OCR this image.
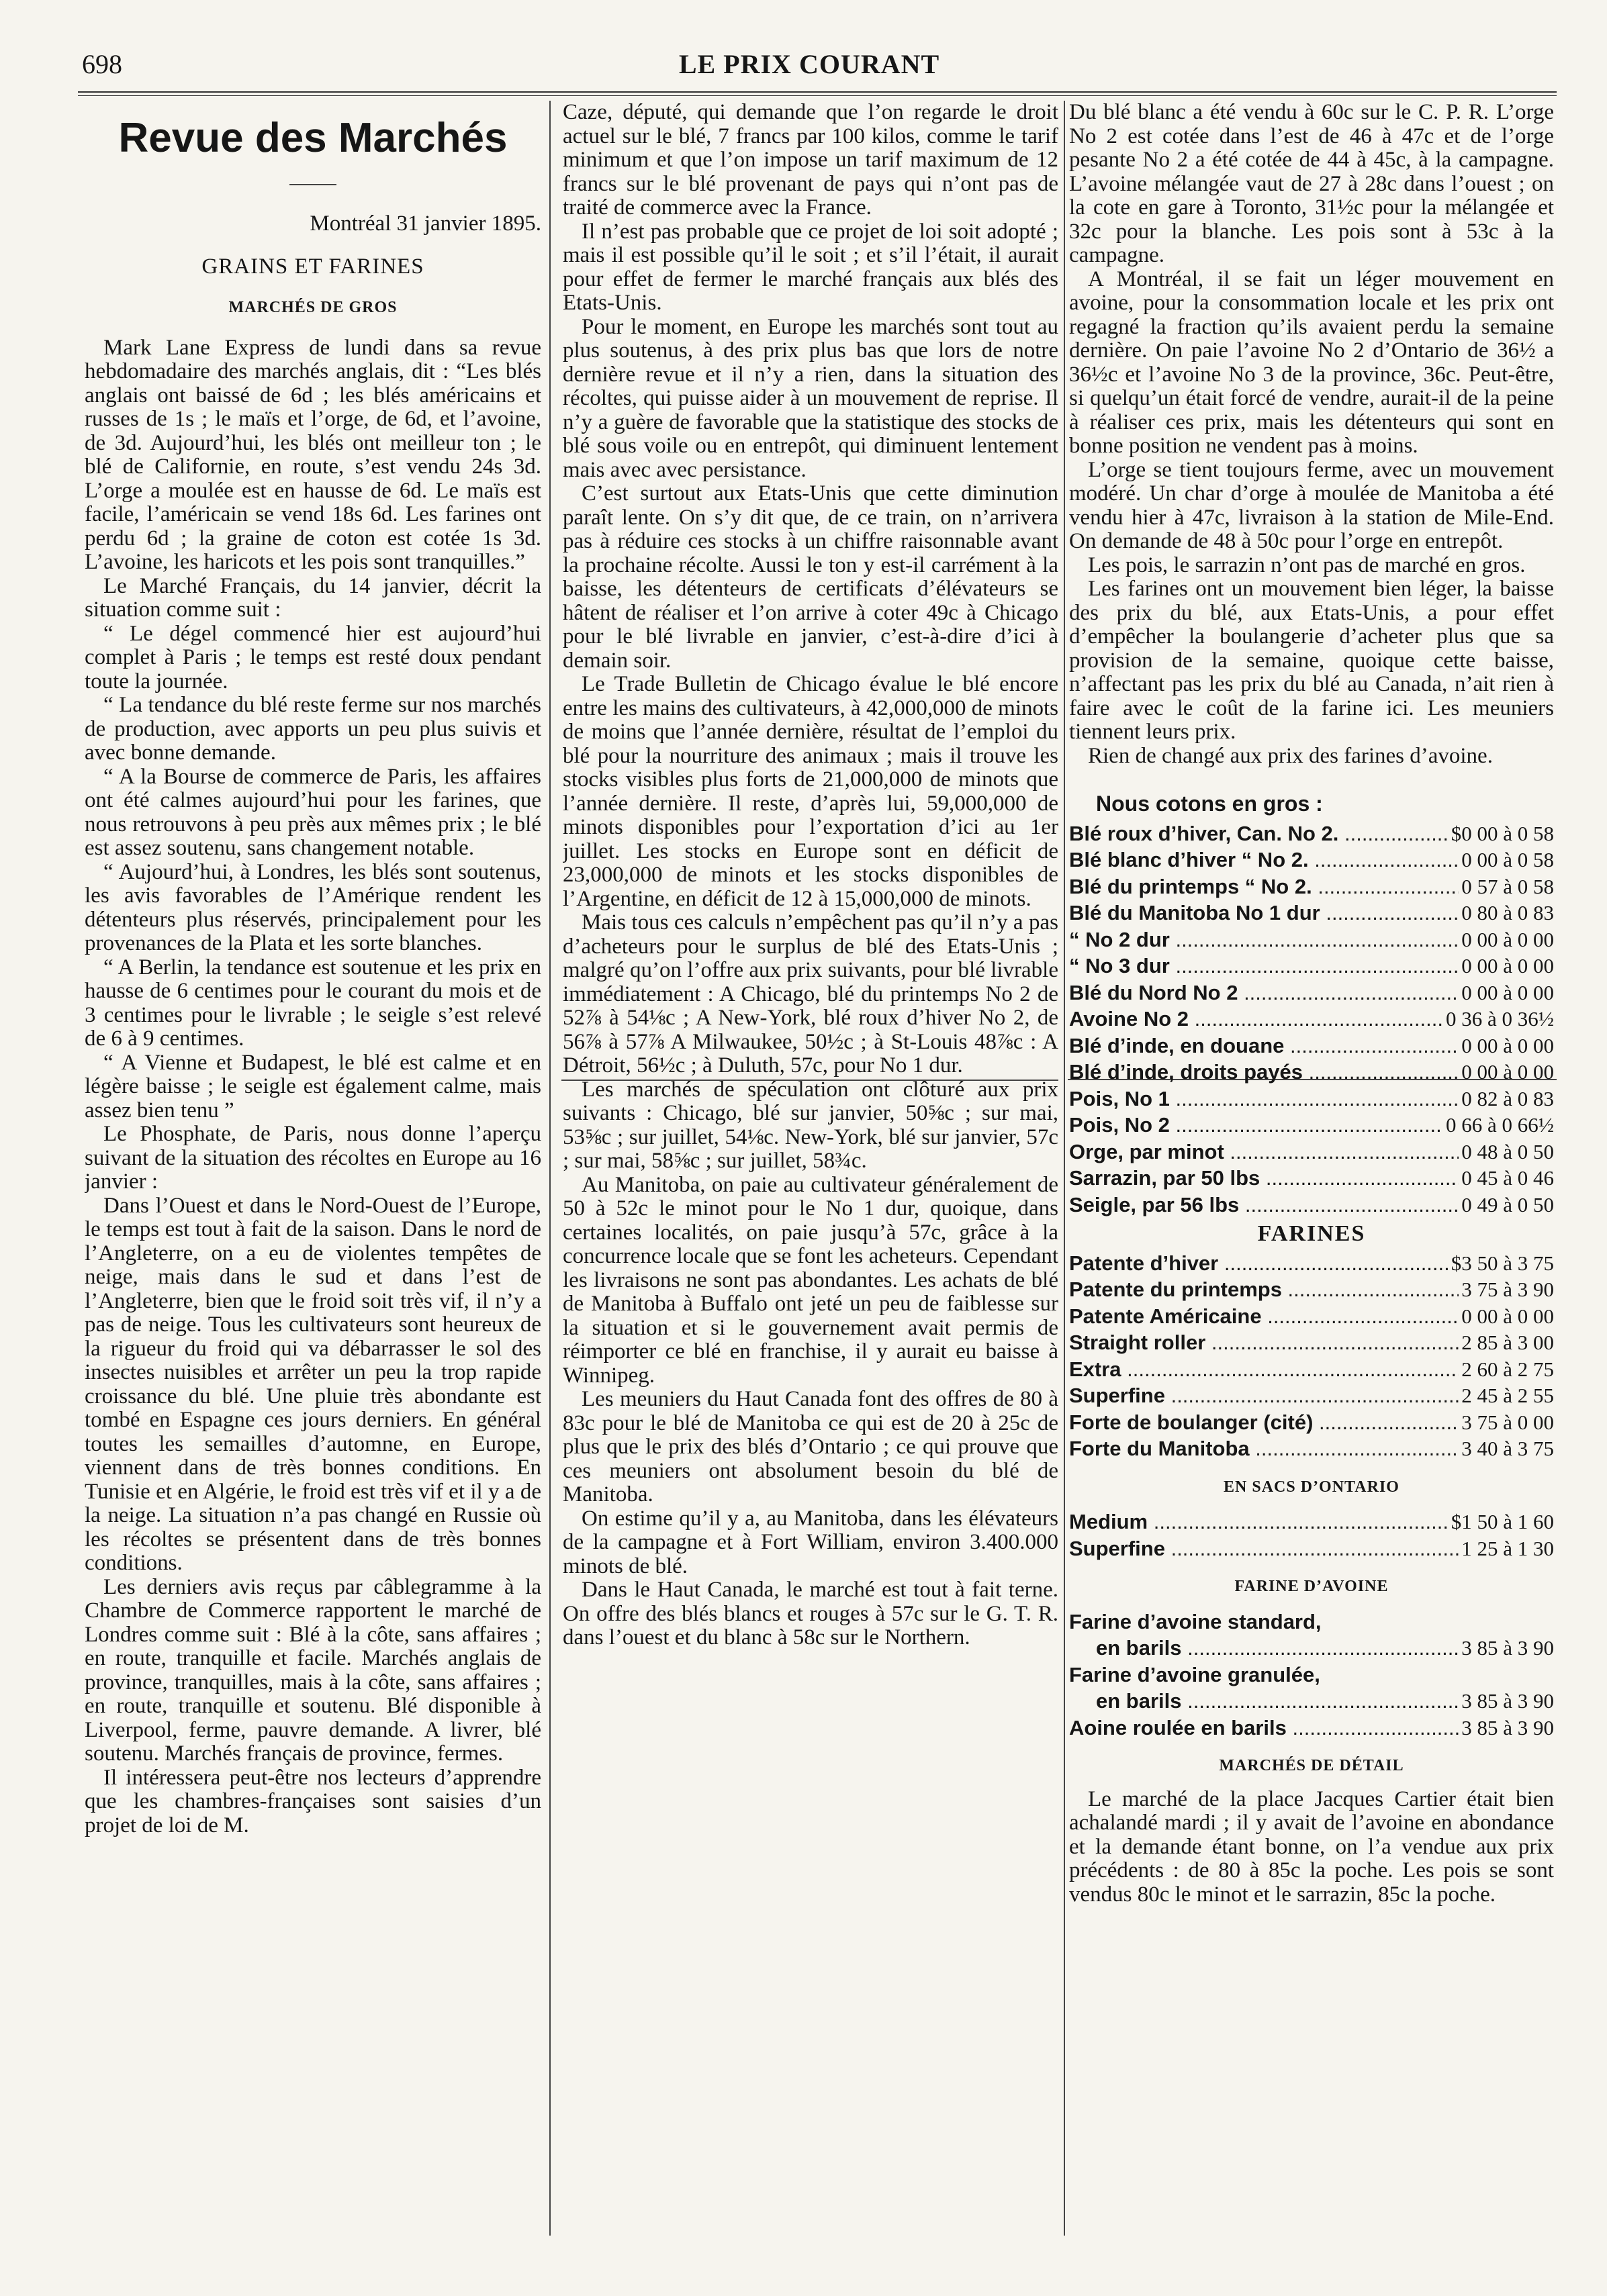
698	LE PRIX COURANT
Revue des Marchés
Montréal 31 janvier 1895.
GRAINS ET FARINES
MARCHÉS DE GROS

Mark Lane Express de lundi dans sa revue hebdomadaire des marchés anglais, dit : “Les blés anglais ont baissé de 6d ; les blés américains et russes de 1s ; le maïs et l’orge, de 6d, et l’avoine, de 3d. Aujourd’hui, les blés ont meilleur ton ; le blé de Californie, en route, s’est vendu 24s 3d. L’orge a moulée est en hausse de 6d. Le maïs est facile, l’américain se vend 18s 6d. Les farines ont perdu 6d ; la graine de coton est cotée 1s 3d. L’avoine, les haricots et les pois sont tranquilles.”

Le Marché Français, du 14 janvier, décrit la situation comme suit :

“ Le dégel commencé hier est aujourd’hui complet à Paris ; le temps est resté doux pendant toute la journée.

“ La tendance du blé reste ferme sur nos marchés de production, avec apports un peu plus suivis et avec bonne demande.

“ A la Bourse de commerce de Paris, les affaires ont été calmes aujourd’hui pour les farines, que nous retrouvons à peu près aux mêmes prix ; le blé est assez soutenu, sans changement notable.

“ Aujourd’hui, à Londres, les blés sont soutenus, les avis favorables de l’Amérique rendent les détenteurs plus réservés, principalement pour les provenances de la Plata et les sorte blanches.

“ A Berlin, la tendance est soutenue et les prix en hausse de 6 centimes pour le courant du mois et de 3 centimes pour le livrable ; le seigle s’est relevé de 6 à 9 centimes.

“ A Vienne et Budapest, le blé est calme et en légère baisse ; le seigle est également calme, mais assez bien tenu ”

Le Phosphate, de Paris, nous donne l’aperçu suivant de la situation des récoltes en Europe au 16 janvier :

Dans l’Ouest et dans le Nord-Ouest de l’Europe, le temps est tout à fait de la saison. Dans le nord de l’Angleterre, on a eu de violentes tempêtes de neige, mais dans le sud et dans l’est de l’Angleterre, bien que le froid soit très vif, il n’y a pas de neige. Tous les cultivateurs sont heureux de la rigueur du froid qui va débarrasser le sol des insectes nuisibles et arrêter un peu la trop rapide croissance du blé. Une pluie très abondante est tombé en Espagne ces jours derniers. En général toutes les semailles d’automne, en Europe, viennent dans de très bonnes conditions. En Tunisie et en Algérie, le froid est très vif et il y a de la neige. La situation n’a pas changé en Russie où les récoltes se présentent dans de très bonnes conditions.

Les derniers avis reçus par câblegramme à la Chambre de Commerce rapportent le marché de Londres comme suit : Blé à la côte, sans affaires ; en route, tranquille et facile. Marchés anglais de province, tranquilles, mais à la côte, sans affaires ; en route, tranquille et soutenu. Blé disponible à Liverpool, ferme, pauvre demande. A livrer, blé soutenu. Marchés français de province, fermes.

Il intéressera peut-être nos lecteurs d’apprendre que les chambres-françaises sont saisies d’un projet de loi de M.

Caze, député, qui demande que l’on regarde le droit actuel sur le blé, 7 francs par 100 kilos, comme le tarif minimum et que l’on impose un tarif maximum de 12 francs sur le blé provenant de pays qui n’ont pas de traité de commerce avec la France.

Il n’est pas probable que ce projet de loi soit adopté ; mais il est possible qu’il le soit ; et s’il l’était, il aurait pour effet de fermer le marché français aux blés des Etats-Unis.

Pour le moment, en Europe les marchés sont tout au plus soutenus, à des prix plus bas que lors de notre dernière revue et il n’y a rien, dans la situation des récoltes, qui puisse aider à un mouvement de reprise. Il n’y a guère de favorable que la statistique des stocks de blé sous voile ou en entrepôt, qui diminuent lentement mais avec avec persistance.

C’est surtout aux Etats-Unis que cette diminution paraît lente. On s’y dit que, de ce train, on n’arrivera pas à réduire ces stocks à un chiffre raisonnable avant la prochaine récolte. Aussi le ton y est-il carrément à la baisse, les détenteurs de certificats d’élévateurs se hâtent de réaliser et l’on arrive à coter 49c à Chicago pour le blé livrable en janvier, c’est-à-dire d’ici à demain soir.

Le Trade Bulletin de Chicago évalue le blé encore entre les mains des cultivateurs, à 42,000,000 de minots de moins que l’année dernière, résultat de l’emploi du blé pour la nourriture des animaux ; mais il trouve les stocks visibles plus forts de 21,000,000 de minots que l’année dernière. Il reste, d’après lui, 59,000,000 de minots disponibles pour l’exportation d’ici au 1er juillet. Les stocks en Europe sont en déficit de 23,000,000 de minots et les stocks disponibles de l’Argentine, en déficit de 12 à 15,000,000 de minots.

Mais tous ces calculs n’empêchent pas qu’il n’y a pas d’acheteurs pour le surplus de blé des Etats-Unis ; malgré qu’on l’offre aux prix suivants, pour blé livrable immédiatement : A Chicago, blé du printemps No 2 de 52⅞ à 54⅛c ; A New-York, blé roux d’hiver No 2, de 56⅞ à 57⅞ A Milwaukee, 50½c ; à St-Louis 48⅞c : A Détroit, 56½c ; à Duluth, 57c, pour No 1 dur.

Les marchés de spéculation ont clôturé aux prix suivants : Chicago, blé sur janvier, 50⅝c ; sur mai, 53⅝c ; sur juillet, 54⅛c. New-York, blé sur janvier, 57c ; sur mai, 58⅝c ; sur juillet, 58¾c.

Au Manitoba, on paie au cultivateur généralement de 50 à 52c le minot pour le No 1 dur, quoique, dans certaines localités, on paie jusqu’à 57c, grâce à la concurrence locale que se font les acheteurs. Cependant les livraisons ne sont pas abondantes. Les achats de blé de Manitoba à Buffalo ont jeté un peu de faiblesse sur la situation et si le gouvernement avait permis de réimporter ce blé en franchise, il y aurait eu baisse à Winnipeg.

Les meuniers du Haut Canada font des offres de 80 à 83c pour le blé de Manitoba ce qui est de 20 à 25c de plus que le prix des blés d’Ontario ; ce qui prouve que ces meuniers ont absolument besoin du blé de Manitoba.

On estime qu’il y a, au Manitoba, dans les élévateurs de la campagne et à Fort William, environ 3.400.000 minots de blé.

Dans le Haut Canada, le marché est tout à fait terne. On offre des blés blancs et rouges à 57c sur le G. T. R. dans l’ouest et du blanc à 58c sur le Northern.

Du blé blanc a été vendu à 60c sur le C. P. R. L’orge No 2 est cotée dans l’est de 46 à 47c et de l’orge pesante No 2 a été cotée de 44 à 45c, à la campagne. L’avoine mélangée vaut de 27 à 28c dans l’ouest ; on la cote en gare à Toronto, 31½c pour la mélangée et 32c pour la blanche. Les pois sont à 53c à la campagne.

A Montréal, il se fait un léger mouvement en avoine, pour la consommation locale et les prix ont regagné la fraction qu’ils avaient perdu la semaine dernière. On paie l’avoine No 2 d’Ontario de 36½ a 36½c et l’avoine No 3 de la province, 36c. Peut-être, si quelqu’un était forcé de vendre, aurait-il de la peine à réaliser ces prix, mais les détenteurs qui sont en bonne position ne vendent pas à moins.

L’orge se tient toujours ferme, avec un mouvement modéré. Un char d’orge à moulée de Manitoba a été vendu hier à 47c, livraison à la station de Mile-End. On demande de 48 à 50c pour l’orge en entrepôt.

Les pois, le sarrazin n’ont pas de marché en gros.

Les farines ont un mouvement bien léger, la baisse des prix du blé, aux Etats-Unis, a pour effet d’empêcher la boulangerie d’acheter plus que sa provision de la semaine, quoique cette baisse, n’affectant pas les prix du blé au Canada, n’ait rien à faire avec le coût de la farine ici. Les meuniers tiennent leurs prix.

Rien de changé aux prix des farines d’avoine.

Nous cotons en gros :
Blé roux d’hiver, Can. No 2. .....	$0 00 à 0 58
Blé blanc d’hiver “ No 2. .....	0 00 à 0 58
Blé du printemps “ No 2. .....	0 57 à 0 58
Blé du Manitoba No 1 dur .....	0 80 à 0 83
“ No 2 dur .....	0 00 à 0 00
“ No 3 dur .....	0 00 à 0 00
Blé du Nord No 2 .....	0 00 à 0 00
Avoine No 2 .....	0 36 à 0 36½
Blé d’inde, en douane .....	0 00 à 0 00
Blé d’inde, droits payés .....	0 00 à 0 00
Pois, No 1 .....	0 82 à 0 83
Pois, No 2 .....	0 66 à 0 66½
Orge, par minot .....	0 48 à 0 50
Sarrazin, par 50 lbs .....	0 45 à 0 46
Seigle, par 56 lbs .....	0 49 à 0 50
FARINES
Patente d’hiver .....	$3 50 à 3 75
Patente du printemps .....	3 75 à 3 90
Patente Américaine .....	0 00 à 0 00
Straight roller .....	2 85 à 3 00
Extra .....	2 60 à 2 75
Superfine .....	2 45 à 2 55
Forte de boulanger (cité) .....	3 75 à 0 00
Forte du Manitoba .....	3 40 à 3 75
EN SACS D’ONTARIO
Medium .....	$1 50 à 1 60
Superfine .....	1 25 à 1 30
FARINE D’AVOINE
Farine d’avoine standard,
en barils .....	3 85 à 3 90
Farine d’avoine granulée,
en barils .....	3 85 à 3 90
Aoine roulée en barils .....	3 85 à 3 90
MARCHÉS DE DÉTAIL

Le marché de la place Jacques Cartier était bien achalandé mardi ; il y avait de l’avoine en abondance et la demande étant bonne, on l’a vendue aux prix précédents : de 80 à 85c la poche. Les pois se sont vendus 80c le minot et le sarrazin, 85c la poche.
